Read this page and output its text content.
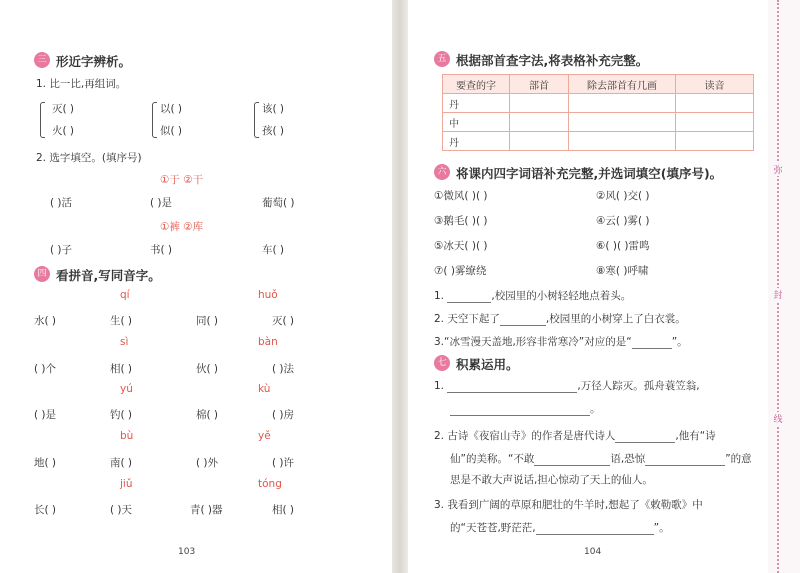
弥
封
线
三 形近字辨析。
1. 比一比,再组词。
灭( )
火( )
以( )
似( )
该( )
孩( )
2. 选字填空。(填序号)
①于 ②干
( )活	( )是	葡萄( )
①裤 ②库
( )子	书( )	车( )
四 看拼音,写同音字。
qí	huǒ
水( )	生( )	同( )	灭( )
sì	bàn
( )个	相( )	伙( )	( )法
yú	kù
( )是	钓( )	棉( )	( )房
bù	yě
地( )	南( )	( )外	( )许
jiǔ	tóng
长( )	( )天	青( )器	相( )
103
五 根据部首查字法,将表格补充完整。
要查的字	部首	除去部首有几画	读音
丹			
中			
丹			
六 将课内四字词语补充完整,并选词填空(填序号)。
①微风( )( )	②风( )交( )
③鹅毛( )( )	④云( )雾( )
⑤冰天( )( )	⑥( )( )雷鸣
⑦( )雾缭绕	⑧寒( )呼啸
1.	,校园里的小树轻轻地点着头。
2. 天空下起了	,校园里的小树穿上了白衣裳。
3.“冰雪漫天盖地,形容非常寒冷”对应的是“	”。
七 积累运用。
1.	,万径人踪灭。孤舟蓑笠翁,
。
2. 古诗《夜宿山寺》的作者是唐代诗人	,他有“诗
仙”的美称。“不敢	语,恐惊	”的意
思是不敢大声说话,担心惊动了天上的仙人。
3. 我看到广阔的草原和肥壮的牛羊时,想起了《敕勒歌》中
的“天苍苍,野茫茫,	”。
104
